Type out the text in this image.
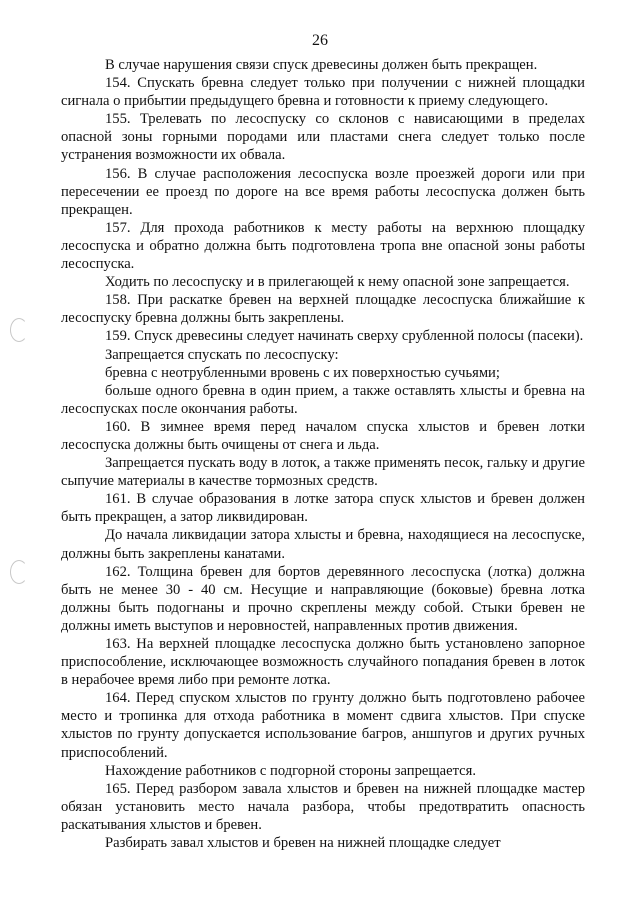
26

В случае нарушения связи спуск древесины должен быть прекращен.

154. Спускать бревна следует только при получении с нижней площадки сигнала о прибытии предыдущего бревна и готовности к приему следующего.

155. Трелевать по лесоспуску со склонов с нависающими в пределах опасной зоны горными породами или пластами снега следует только после устранения возможности их обвала.

156. В случае расположения лесоспуска возле проезжей дороги или при пересечении ее проезд по дороге на все время работы лесоспуска должен быть прекращен.

157. Для прохода работников к месту работы на верхнюю площадку лесоспуска и обратно должна быть подготовлена тропа вне опасной зоны работы лесоспуска.

Ходить по лесоспуску и в прилегающей к нему опасной зоне запрещается.

158. При раскатке бревен на верхней площадке лесоспуска ближайшие к лесоспуску бревна должны быть закреплены.

159. Спуск древесины следует начинать сверху срубленной полосы (пасеки).

Запрещается спускать по лесоспуску:

бревна с неотрубленными вровень с их поверхностью сучьями;

больше одного бревна в один прием, а также оставлять хлысты и бревна на лесоспусках после окончания работы.

160. В зимнее время перед началом спуска хлыстов и бревен лотки лесоспуска должны быть очищены от снега и льда.

Запрещается пускать воду в лоток, а также применять песок, гальку и другие сыпучие материалы в качестве тормозных средств.

161. В случае образования в лотке затора спуск хлыстов и бревен должен быть прекращен, а затор ликвидирован.

До начала ликвидации затора хлысты и бревна, находящиеся на лесоспуске, должны быть закреплены канатами.

162. Толщина бревен для бортов деревянного лесоспуска (лотка) должна быть не менее 30 - 40 см. Несущие и направляющие (боковые) бревна лотка должны быть подогнаны и прочно скреплены между собой. Стыки бревен не должны иметь выступов и неровностей, направленных против движения.

163. На верхней площадке лесоспуска должно быть установлено запорное приспособление, исключающее возможность случайного попадания бревен в лоток в нерабочее время либо при ремонте лотка.

164. Перед спуском хлыстов по грунту должно быть подготовлено рабочее место и тропинка для отхода работника в момент сдвига хлыстов. При спуске хлыстов по грунту допускается использование багров, аншпугов и других ручных приспособлений.

Нахождение работников с подгорной стороны запрещается.

165. Перед разбором завала хлыстов и бревен на нижней площадке мастер обязан установить место начала разбора, чтобы предотвратить опасность раскатывания хлыстов и бревен.

Разбирать завал хлыстов и бревен на нижней площадке следует
